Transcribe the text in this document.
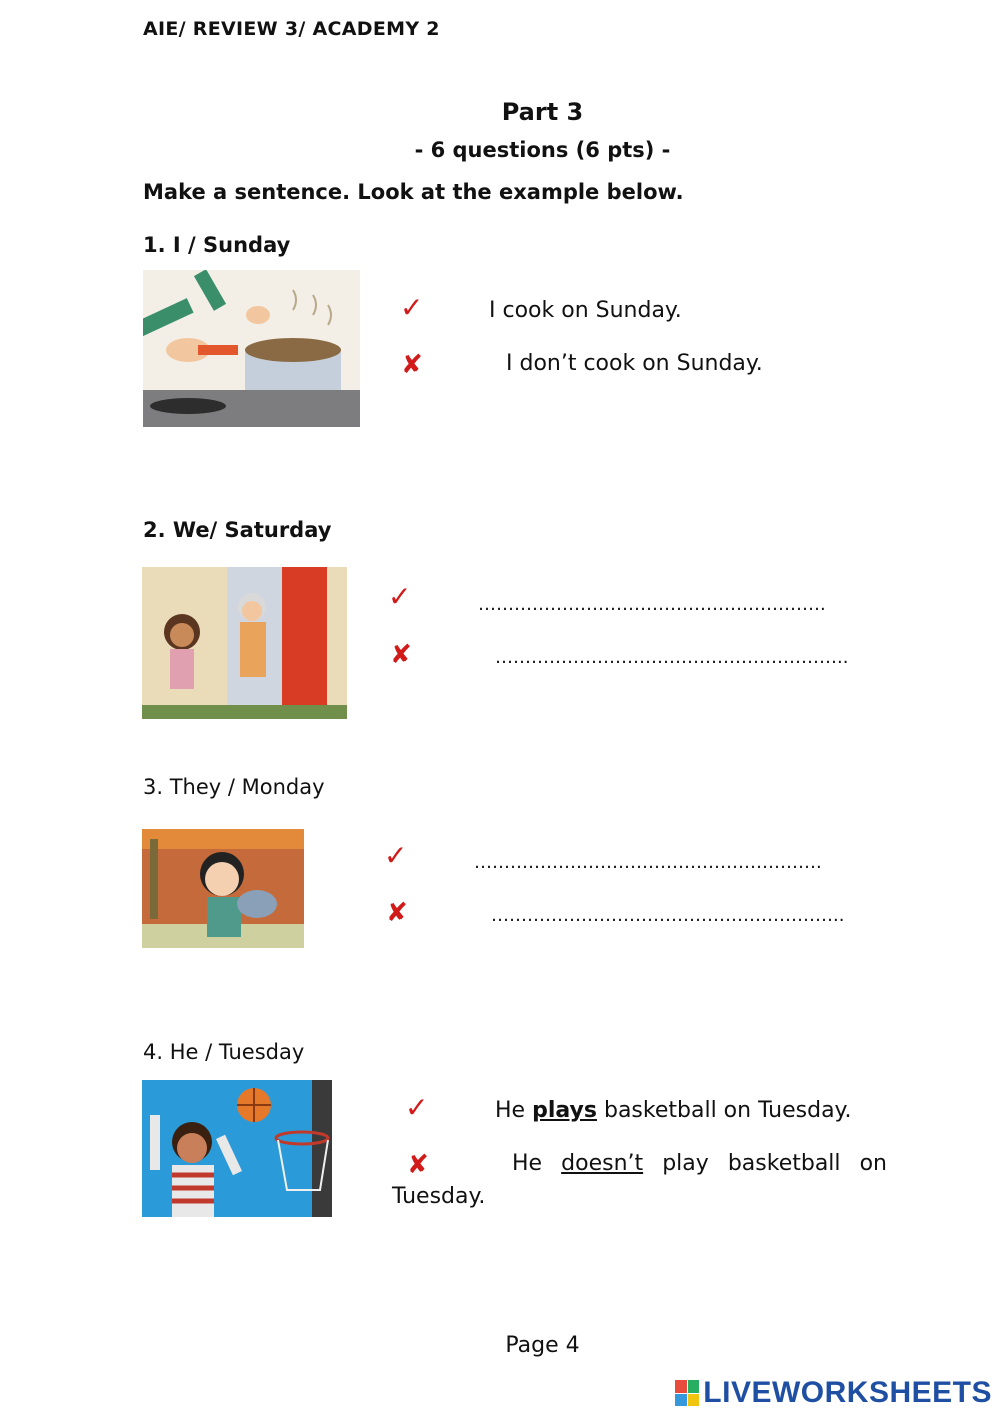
AIE/ REVIEW 3/ ACADEMY 2
Part 3
- 6 questions (6 pts) -
Make a sentence. Look at the example below.
1. I / Sunday
✓	I cook on Sunday.
✘	I don’t cook on Sunday.
2. We/ Saturday
✓	………………………………………………….
✘	…………………………………………………..
3. They / Monday
✓	………………………………………………….
✘	…………………………………………………..
4. He / Tuesday
✓	He plays basketball on Tuesday.
✘	He doesn’t play basketball on
Tuesday.
Page 4
LIVEWORKSHEETS
